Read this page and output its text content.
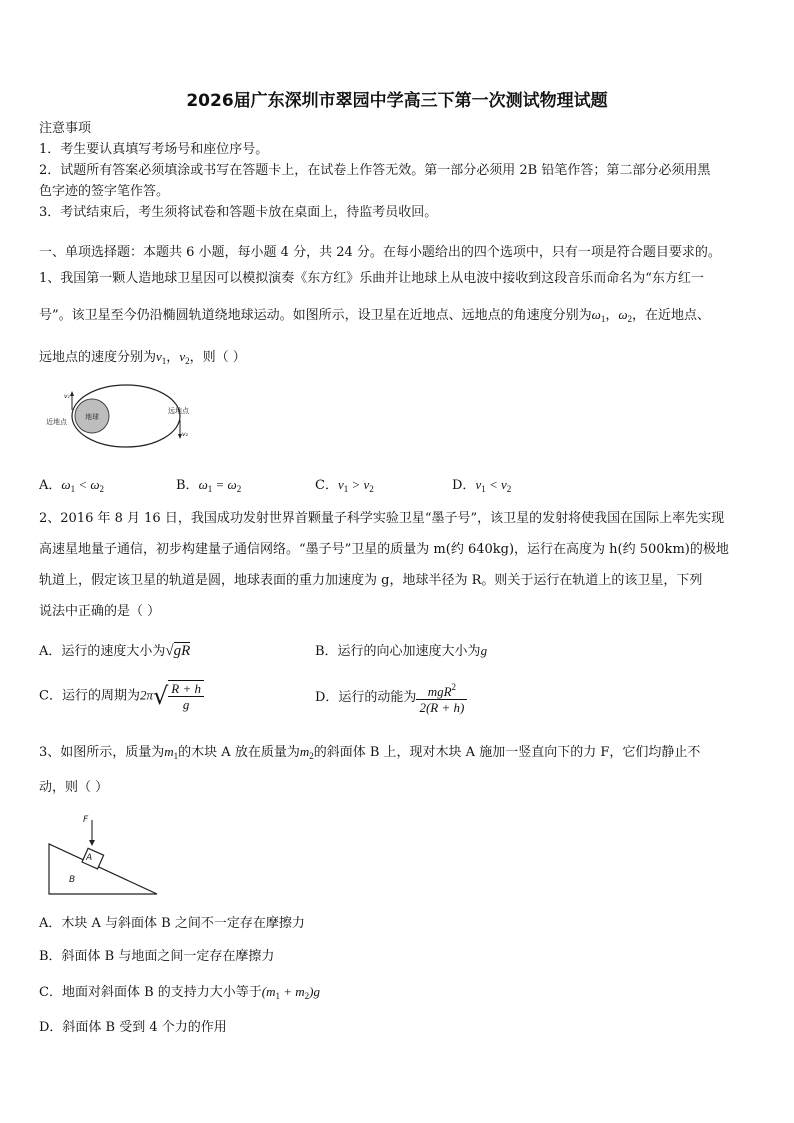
2026届广东深圳市翠园中学高三下第一次测试物理试题
注意事项
1．考生要认真填写考场号和座位序号。
2．试题所有答案必须填涂或书写在答题卡上，在试卷上作答无效。第一部分必须用 2B 铅笔作答；第二部分必须用黑
色字迹的签字笔作答。
3．考试结束后，考生须将试卷和答题卡放在桌面上，待监考员收回。
一、单项选择题：本题共 6 小题，每小题 4 分，共 24 分。在每小题给出的四个选项中，只有一项是符合题目要求的。
1、我国第一颗人造地球卫星因可以模拟演奏《东方红》乐曲并让地球上从电波中接收到这段音乐而命名为“东方红一
号”。该卫星至今仍沿椭圆轨道绕地球运动。如图所示，设卫星在近地点、远地点的角速度分别为$\omega_1$，$\omega_2$，在近地点、
远地点的速度分别为$v_1$，$v_2$，则（ ）
地球
v₁
近地点
v₂
远地点
A．$\omega_1 < \omega_2$	B．$\omega_1 = \omega_2$	C．$v_1 > v_2$	D．$v_1 < v_2$
2、2016 年 8 月 16 日，我国成功发射世界首颗量子科学实验卫星“墨子号”，该卫星的发射将使我国在国际上率先实现
高速星地量子通信，初步构建量子通信网络。“墨子号”卫星的质量为 m(约 640kg)，运行在高度为 h(约 500km)的极地
轨道上，假定该卫星的轨道是圆，地球表面的重力加速度为 g，地球半径为 R。则关于运行在轨道上的该卫星，下列
说法中正确的是（ ）
A．运行的速度大小为√gR	B．运行的向心加速度大小为g
C．运行的周期为$2\pi√ \frac{R + h}{g}$	D．运行的动能为 $\frac{mgR^2}{2(R + h)}$
3、如图所示，质量为$m_1$的木块 A 放在质量为$m_2$的斜面体 B 上，现对木块 A 施加一竖直向下的力 F，它们均静止不
动，则（ ）
A
F
B
A．木块 A 与斜面体 B 之间不一定存在摩擦力
B．斜面体 B 与地面之间一定存在摩擦力
C．地面对斜面体 B 的支持力大小等于$(m_1 + m_2)g$
D．斜面体 B 受到 4 个力的作用
